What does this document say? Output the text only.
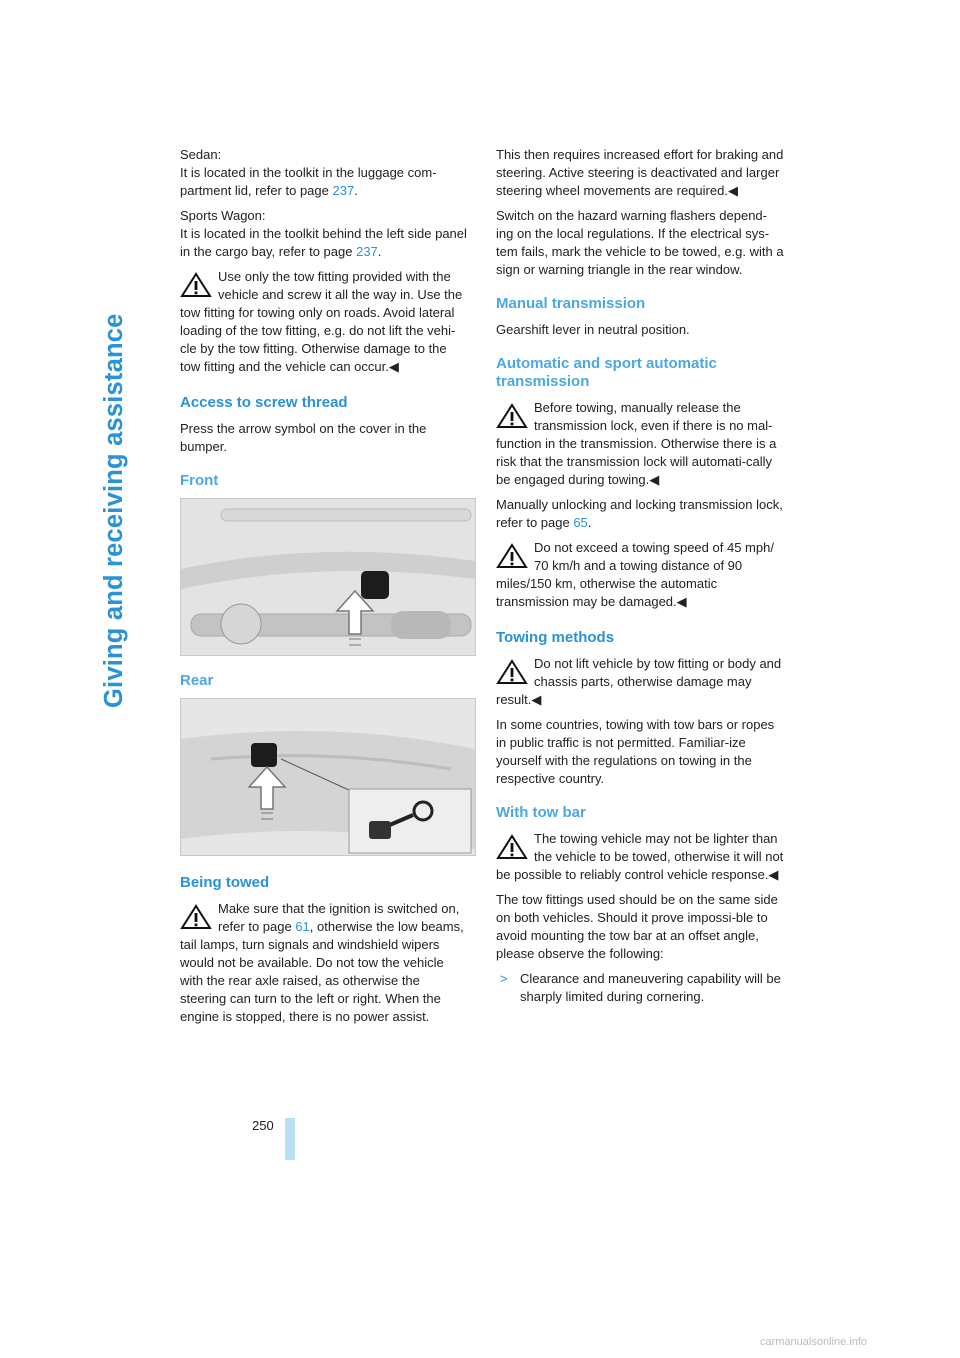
Giving and receiving assistance

Sedan:
It is located in the toolkit in the luggage com-partment lid, refer to page 237.

Sports Wagon:
It is located in the toolkit behind the left side panel in the cargo bay, refer to page 237.

Use only the tow fitting provided with the vehicle and screw it all the way in. Use the tow fitting for towing only on roads. Avoid lateral loading of the tow fitting, e.g. do not lift the vehi-cle by the tow fitting. Otherwise damage to the tow fitting and the vehicle can occur.◀
Access to screw thread

Press the arrow symbol on the cover in the bumper.

Front
Rear
Being towed
Make sure that the ignition is switched on, refer to page 61, otherwise the low beams, tail lamps, turn signals and windshield wipers would not be available. Do not tow the vehicle with the rear axle raised, as otherwise the steering can turn to the left or right. When the engine is stopped, there is no power assist.

This then requires increased effort for braking and steering. Active steering is deactivated and larger steering wheel movements are required.◀

Switch on the hazard warning flashers depend-ing on the local regulations. If the electrical sys-tem fails, mark the vehicle to be towed, e.g. with a sign or warning triangle in the rear window.

Manual transmission

Gearshift lever in neutral position.

Automatic and sport automatic transmission
Before towing, manually release the transmission lock, even if there is no mal-function in the transmission. Otherwise there is a risk that the transmission lock will automati-cally be engaged during towing.◀

Manually unlocking and locking transmission lock, refer to page 65.

Do not exceed a towing speed of 45 mph/ 70 km/h and a towing distance of 90 miles/150 km, otherwise the automatic transmission may be damaged.◀
Towing methods
Do not lift vehicle by tow fitting or body and chassis parts, otherwise damage may result.◀

In some countries, towing with tow bars or ropes in public traffic is not permitted. Familiar-ize yourself with the regulations on towing in the respective country.

With tow bar
The towing vehicle may not be lighter than the vehicle to be towed, otherwise it will not be possible to reliably control vehicle response.◀

The tow fittings used should be on the same side on both vehicles. Should it prove impossi-ble to avoid mounting the tow bar at an offset angle, please observe the following:

> Clearance and maneuvering capability will be sharply limited during cornering.

250
carmanualsonline.info
